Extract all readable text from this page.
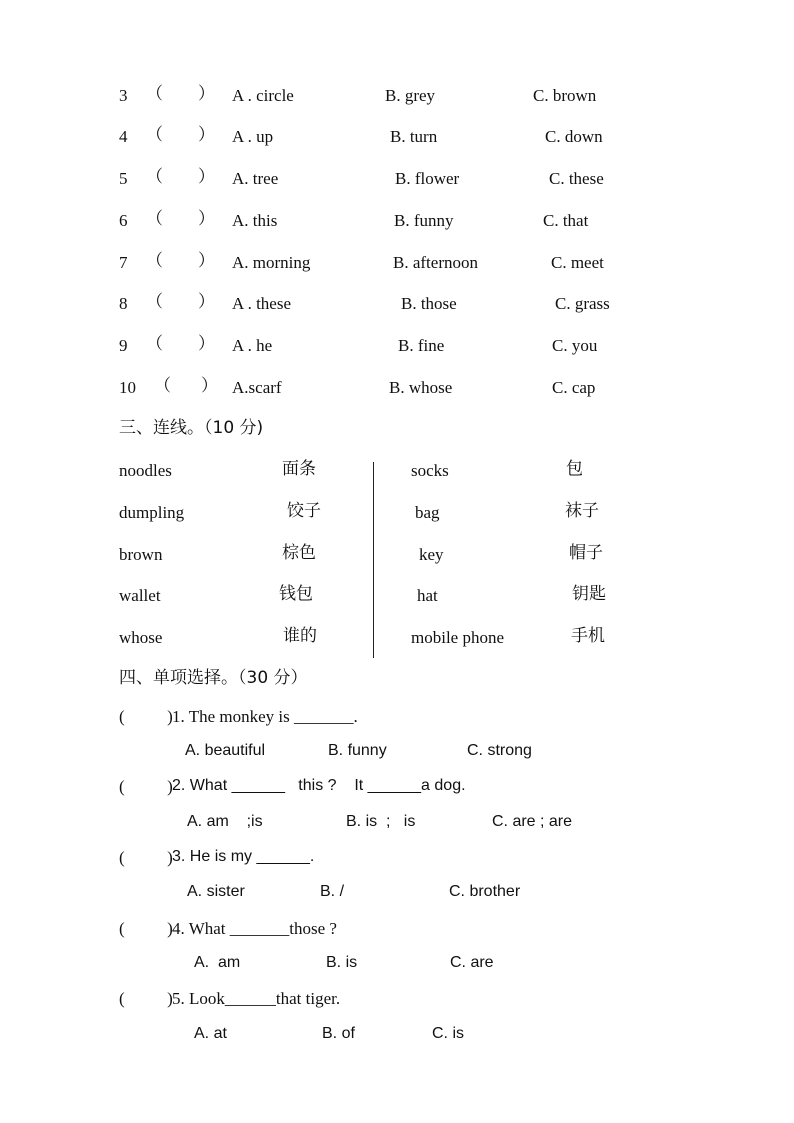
3 （ ） A . circle	B. grey	C. brown
4 （ ） A . up	B. turn	C. down
5 （ ） A. tree	B. flower	C. these
6 （ ） A. this	B. funny	C. that
7 （ ） A. morning	B. afternoon	C. meet
8 （ ） A . these	B. those	C. grass
9 （ ） A . he	B. fine	C. you
10 （ ） A.scarf	B. whose	C. cap
三、连线。（10 分)
noodles	面条	socks	包
dumpling	饺子	bag	袜子
brown	棕色	key	帽子
wallet	钱包	hat	钥匙
whose	谁的	mobile phone	手机
四、单项选择。（30 分）
(          ) 1. The monkey is _______.
A. beautiful	B. funny	C. strong
(          ) 2. What ______   this ?    It ______a dog.
A. am    ;is	B. is  ;   is	C. are ; are
(          ) 3. He is my ______.
A. sister	B. /	C. brother
(          ) 4. What _______those ?
A.  am	B. is	C. are
(          ) 5. Look______that tiger.
A. at	B. of	C. is
